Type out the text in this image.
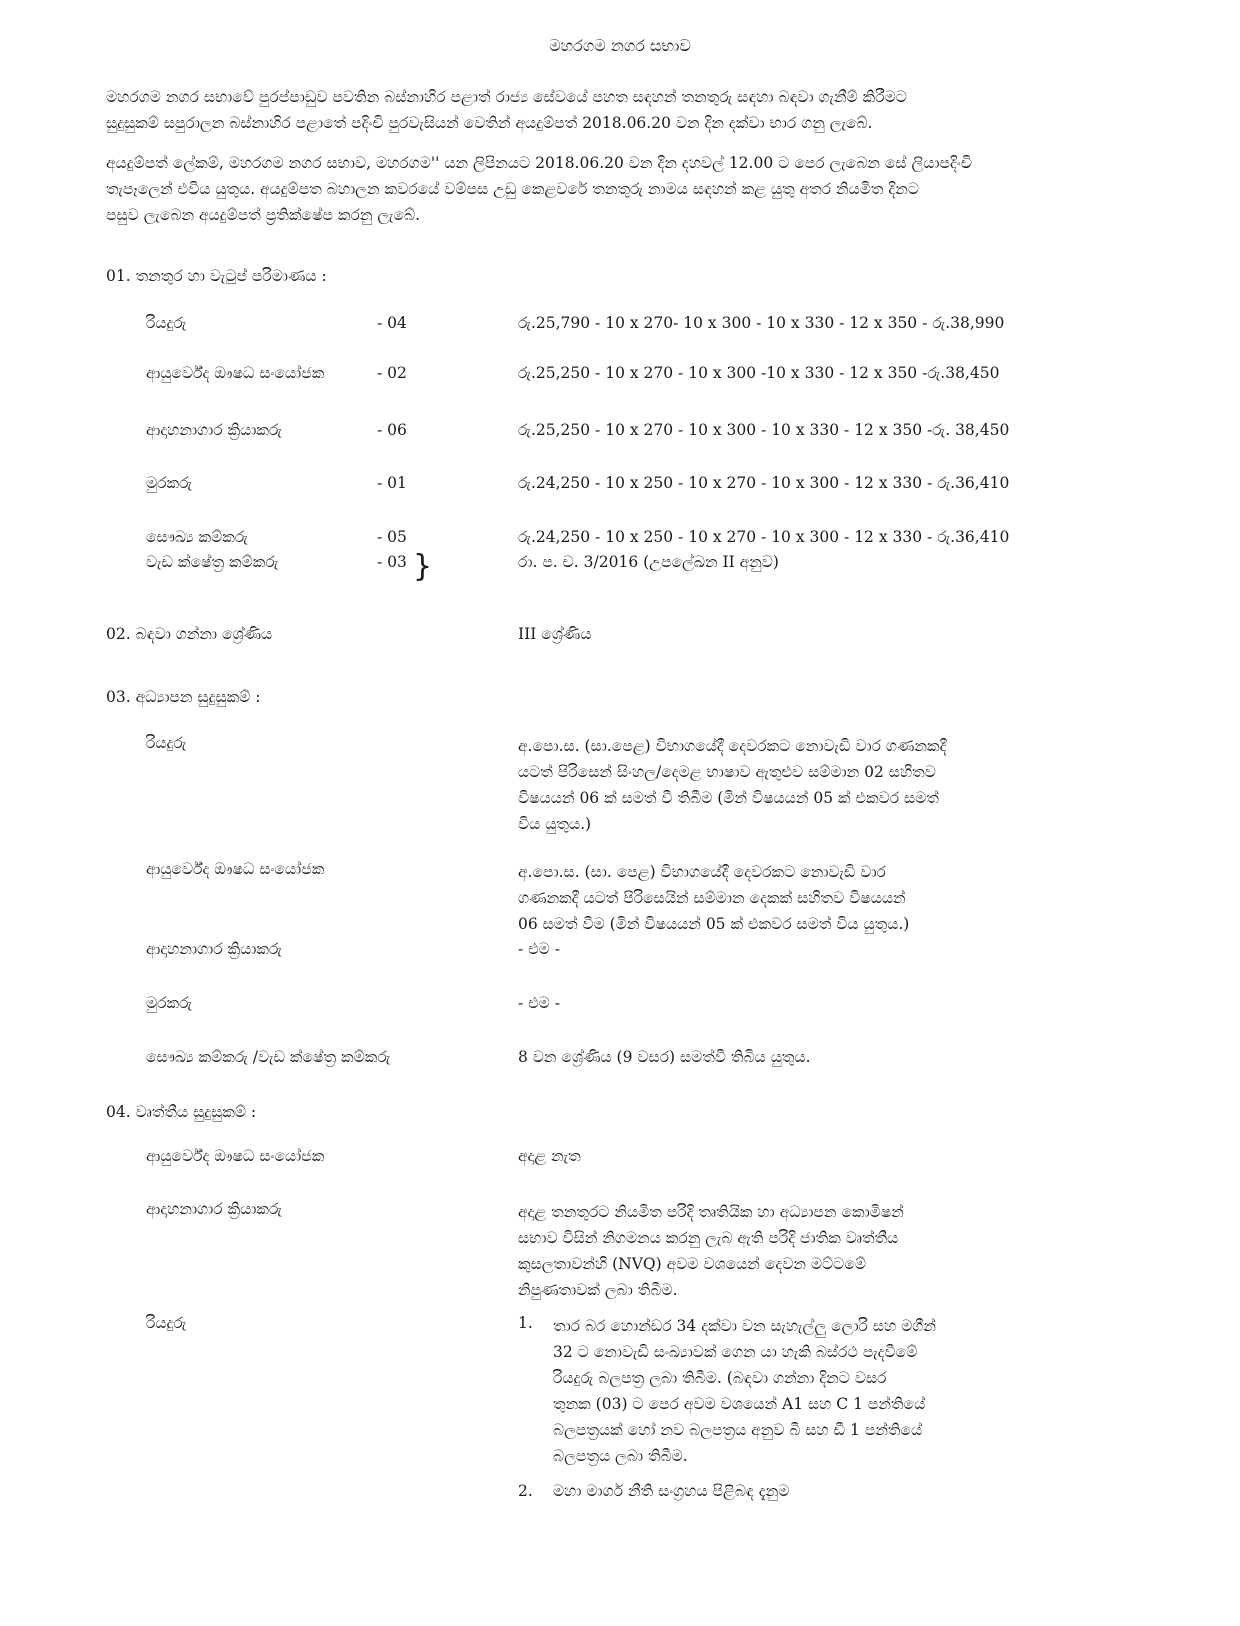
මහරගම නගර සභාව
මහරගම නගර සභාවේ පුරප්පාඩුව පවතින බස්නාහිර පළාත් රාජ්‍ය සේවයේ පහත සඳහන් තනතුරු සඳහා බඳවා ගැනීම් කිරීමට
සුදුසුකම් සපුරාලන බස්නාහිර පළාතේ පදිංචි පුරවැසියන් වෙතින් අයදුම්පත් 2018.06.20 වන දින දක්වා භාර ගනු ලැබේ.
අයදුම්පත් ලේකම්, මහරගම නගර සභාව, මහරගම'' යන ලිපිනයට 2018.06.20 වන දින දහවල් 12.00 ට පෙර ලැබෙන සේ ලියාපදිංචි
තැපෑලෙන් එවිය යුතුය. අයදුම්පත බහාලන කවරයේ වම්පස උඩු කෙළවරේ තනතුරු නාමය සඳහන් කළ යුතු අතර නියමිත දිනට
පසුව ලැබෙන අයදුම්පත් ප්‍රතික්ෂේප කරනු ලැබේ.
01. තනතුර හා වැටුප් පරිමාණය :
රියදුරු	- 04	රු.25,790 - 10 x 270- 10 x 300 - 10 x 330 - 12 x 350 - රු.38,990
ආයුර්වේද ඖෂධ සංයෝජක	- 02	රු.25,250 - 10 x 270 - 10 x 300 -10 x 330 - 12 x 350 -රු.38,450
ආදාහනාගාර ක්‍රියාකරු	- 06	රු.25,250 - 10 x 270 - 10 x 300 - 10 x 330 - 12 x 350 -රු. 38,450
මුරකරු	- 01	රු.24,250 - 10 x 250 - 10 x 270 - 10 x 300 - 12 x 330 - රු.36,410
සෞඛ්‍ය කම්කරු	- 05	රු.24,250 - 10 x 250 - 10 x 270 - 10 x 300 - 12 x 330 - රු.36,410
වැඩ ක්ෂේත්‍ර කම්කරු	- 03	රා. ප. ච. 3/2016 (උපලේඛන II අනුව)
}
02. බඳවා ගන්නා ශ්‍රේණිය	III ශ්‍රේණිය
03. අධ්‍යාපන සුදුසුකම් :
රියදුරු	අ.පො.ස. (සා.පෙළ) විභාගයේදී දෙවරකට නොවැඩි වාර ගණනකදී
යටත් පිරිසෙන් සිංහල/දෙමළ භාෂාව ඇතුළුව සම්මාන 02 සහිතව
විෂයයන් 06 ක් සමත් වී තිබීම (මින් විෂයයන් 05 ක් එකවර සමත්
විය යුතුය.)
ආයුර්වේද ඖෂධ සංයෝජක	අ.පො.ස. (සා. පෙළ) විභාගයේදී දෙවරකට නොවැඩි වාර
ගණනකදී යටත් පිරිසෙයින් සම්මාන දෙකක් සහිතව විෂයයන්
06 සමත් වීම (මින් විෂයයන් 05 ක් එකවර සමත් විය යුතුය.)
ආදාහනාගාර ක්‍රියාකරු	- එම -
මුරකරු	- එම -
සෞඛ්‍ය කම්කරු /වැඩ ක්ෂේත්‍ර කම්කරු	8 වන ශ්‍රේණිය (9 වසර) සමත්වී තිබිය යුතුය.
04. වෘත්තීය සුදුසුකම් :
ආයුර්වේද ඖෂධ සංයෝජක	අදාළ නැත
ආදාහනාගාර ක්‍රියාකරු	අදාළ තනතුරට නියමිත පරිදි තෘතියික හා අධ්‍යාපන කොමිෂන්
සභාව විසින් නිගමනය කරනු ලැබ ඇති පරිදි ජාතික වෘත්තීය
කුසලතාවන්හි (NVQ) අවම වශයෙන් දෙවන මට්ටමේ
නිපුණතාවක් ලබා තිබීම.
රියදුරු	1. තාර බර හොන්ඩර 34 දක්වා වන සැහැල්ලු ලොරි සහ මගීන්
32 ට නොවැඩි සංඛ්‍යාවක් ගෙන යා හැකි බස්රථ පැදවීමේ
රියදුරු බලපත්‍ර ලබා තිබීම. (බඳවා ගන්නා දිනට වසර
තුනක (03) ට පෙර අවම වශයෙන් A1 සහ C 1 පන්තියේ
බලපත්‍රයක් හෝ නව බලපත්‍රය අනුව බී සහ ඩී 1 පන්තියේ
බලපත්‍රය ලබා තිබීම.
2. මහා මාර්ග නීති සංග්‍රහය පිළිබඳ දැනුම
